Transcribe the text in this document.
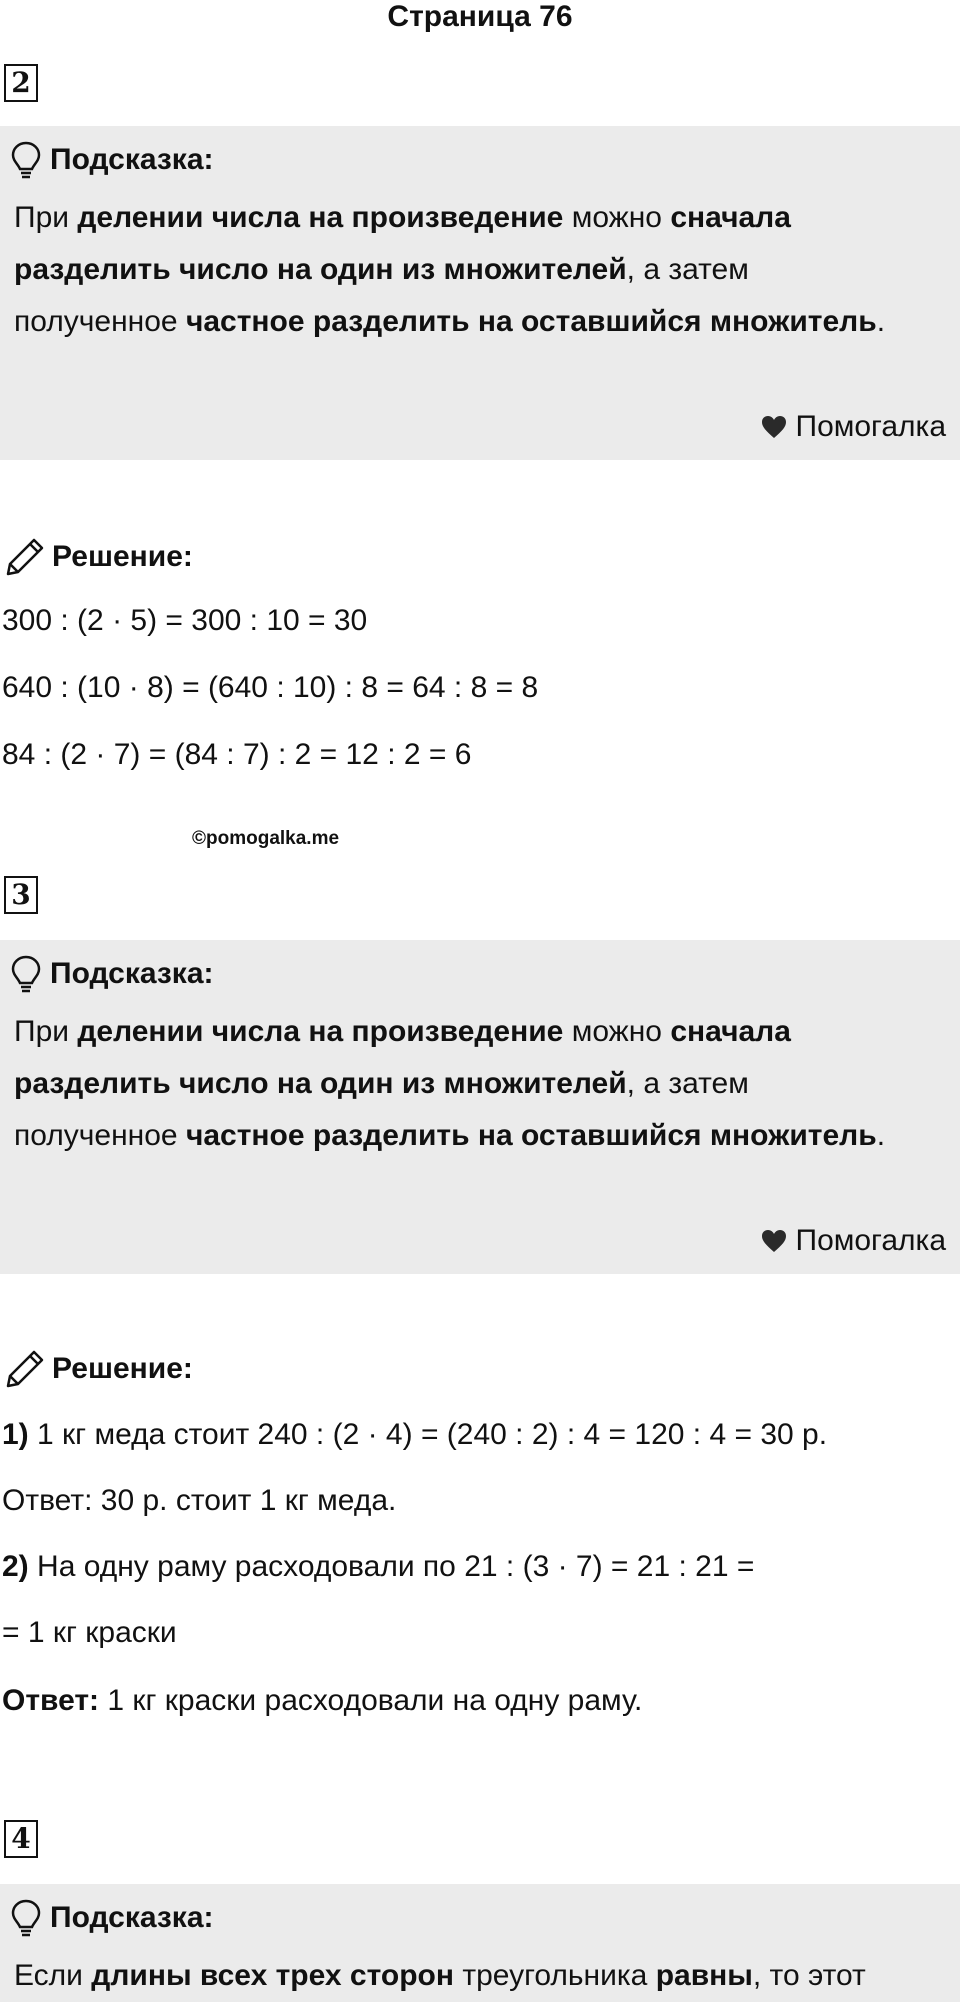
Страница 76
2
Подсказка:
При делении числа на произведение можно сначала разделить число на один из множителей, а затем полученное частное разделить на оставшийся множитель.
Помогалка
Решение:
300 : (2 · 5) = 300 : 10 = 30
640 : (10 · 8) = (640 : 10) : 8 = 64 : 8 = 8
84 : (2 · 7) = (84 : 7) : 2 = 12 : 2 = 6
©pomogalka.me
3
Подсказка:
При делении числа на произведение можно сначала разделить число на один из множителей, а затем полученное частное разделить на оставшийся множитель.
Помогалка
Решение:
1) 1 кг меда стоит 240 : (2 · 4) = (240 : 2) : 4 = 120 : 4 = 30 р.
Ответ: 30 р. стоит 1 кг меда.
2) На одну раму расходовали по 21 : (3 · 7) = 21 : 21 =
= 1 кг краски
Ответ: 1 кг краски расходовали на одну раму.
4
Подсказка:
Если длины всех трех сторон треугольника равны, то этот
